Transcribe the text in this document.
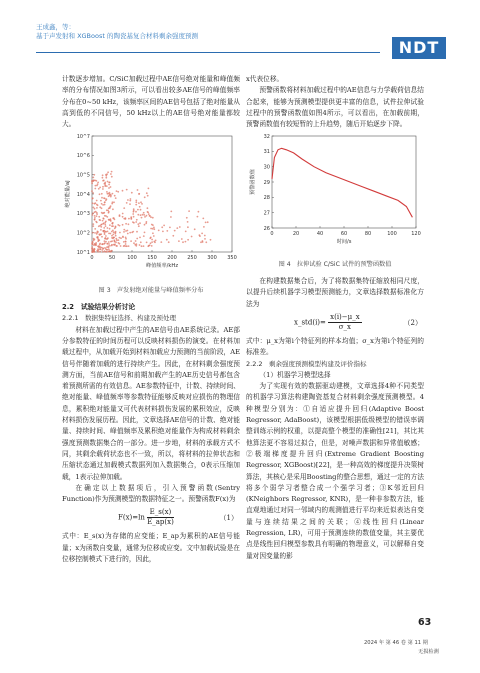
王成鑫，等：
基于声发射和 XGBoost 的陶瓷基复合材料剩余强度预测
NDT

计数逐步增加。C/SiC加载过程中AE信号绝对能量和峰值频率的分布情况如图3所示，可以看出较多AE信号的峰值频率分布在0~50 kHz，该频率区间的AE信号包括了绝对能量从高到低的不同信号，50 kHz以上的AE信号绝对能量都较大。

0	50 100 150 200 250 300 350
10^1
10^2
10^3
10^4
10^5
10^6
10^7
峰值频率/kHz
绝对能量/aJ
图 3　声发射绝对能量与峰值频率分布
2.2　试验结果分析讨论
2.2.1　数据集特征选择、构建及预处理

材料在加载过程中产生的AE信号由AE系统记录。AE部分参数特征的时间历程可以反映材料损伤的演变。在材料加载过程中，从加载开始到材料加载应力预测的当前阶段，AE信号伴随着加载的进行持续产生。因此，在材料剩余强度预测方面，当前AE信号和前期加载产生的AE历史信号都包含着预测所需的有效信息。AE参数特征中，计数、持续时间、绝对能量、峰值频率等参数特征能够反映对应损伤的物理信息，累积绝对能量又可代表材料损伤发展的累积效应，反映材料损伤发展历程。因此，文章选择AE信号的计数、绝对能量、持续时间、峰值频率及累积绝对能量作为构成材料剩余强度预测数据集合的一部分。进一步地，材料的承载方式不同，其剩余载荷状态也不一致，所以，将材料的拉伸状态和压缩状态通过加载模式数据列加入数据集合，0表示压缩加载，1表示拉伸加载。

在确定以上数据项后，引入预警函数(Sentry Function)作为预测模型的数据特征之一。预警函数F(x)为

$F(x)=\ln \frac{E\_s(x)}{E\_ap(x)}$	（1）

式中：E_s(x)为存储的应变能；E_ap为累积的AE信号能量；x为函数自变量，通常为位移或应变。文中加载试验是在位移控制模式下进行的，因此，

x代表位移。

预警函数将材料加载过程中的AE信息与力学载荷信息结合起来，能够为预测模型提供更丰富的信息，试件拉伸试验过程中的预警函数值如图4所示，可以看出，在加载前期，预警函数值有较短暂的上升趋势，随后开始逐步下降。

0	20	40	60	80	100	120
26
27
28
29
30
31
32
时间/s
预警函数值
图 4　拉伸试验 C/SiC 试件的预警函数值

在构建数据集合后，为了将数据集特征缩放相同尺度，以提升后续机器学习模型预测能力，文章选择数据标准化方法为

x_std(i)= $\frac{x(i)-\mu\_x}{\sigma\_x}$	（2）

式中：μ_x为第i个特征列的样本均值；σ_x为第i个特征列的标准差。

2.2.2　剩余强度预测模型构建及评价指标

（1）机器学习模型选择

为了实现有效的数据驱动建模，文章选择4种不同类型的机器学习算法构建陶瓷基复合材料剩余强度预测模型。4种模型分别为：①自适应提升回归(Adaptive Boost Regressor, AdaBoost)，该模型根据低级模型的错误率调整训练示例的权重，以提高整个模型的准确性[21]，其比其他算法更不容易过拟合，但是，对噪声数据和异常值敏感；②极端梯度提升回归(Extreme Gradient Boosting Regressor, XGBoost)[22]，是一种高效的梯度提升决策树算法，其核心是采用Boosting的整合思想，通过一定的方法将多个弱学习者整合成一个强学习者；③K邻近回归(KNeighbors Regressor, KNR)，是一种非参数方法，能直观地通过对同一邻域内的观测值进行平均来近似表达自变量与连续结果之间的关联；④线性回归(Linear Regression, LR)，可用于预测连续的数值变量，其主要优点是线性回归模型参数具有明确的物理意义，可以解释自变量对因变量的影

63
2024 年 第 46 卷 第 11 期
无损检测
